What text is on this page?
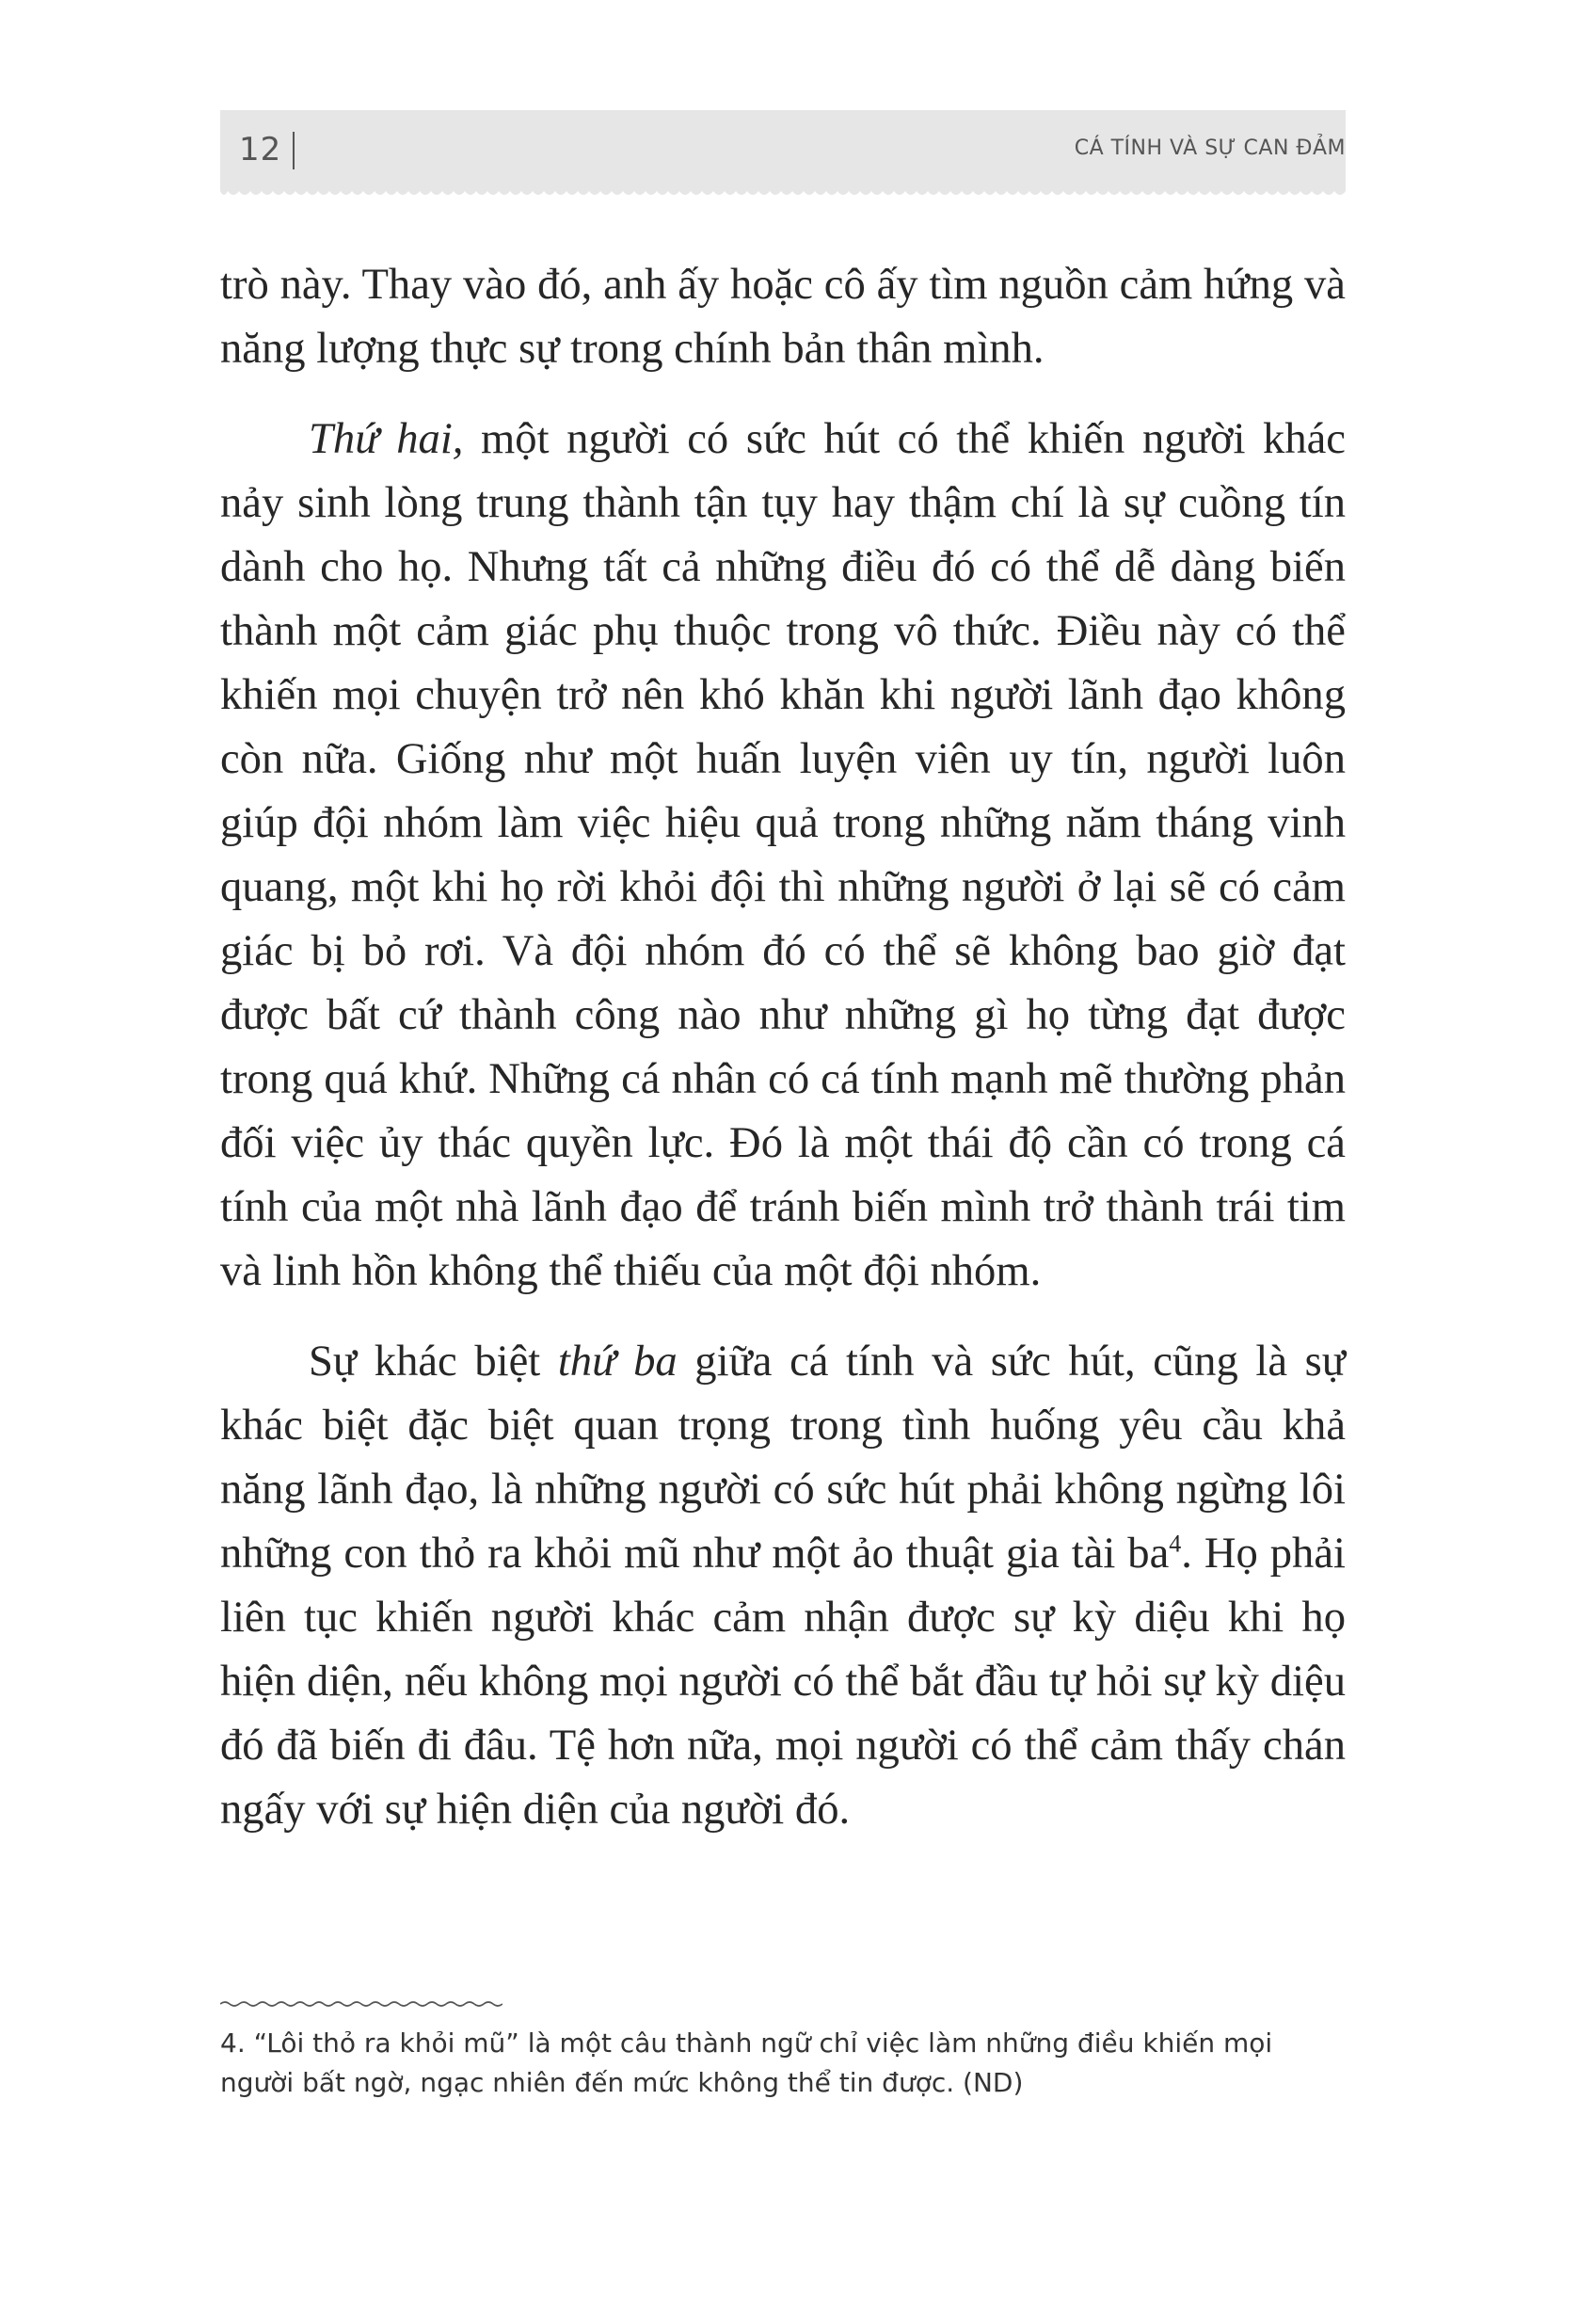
12	CÁ TÍNH VÀ SỰ CAN ĐẢM

trò này. Thay vào đó, anh ấy hoặc cô ấy tìm nguồn cảm hứng và năng lượng thực sự trong chính bản thân mình.

Thứ hai, một người có sức hút có thể khiến người khác nảy sinh lòng trung thành tận tụy hay thậm chí là sự cuồng tín dành cho họ. Nhưng tất cả những điều đó có thể dễ dàng biến thành một cảm giác phụ thuộc trong vô thức. Điều này có thể khiến mọi chuyện trở nên khó khăn khi người lãnh đạo không còn nữa. Giống như một huấn luyện viên uy tín, người luôn giúp đội nhóm làm việc hiệu quả trong những năm tháng vinh quang, một khi họ rời khỏi đội thì những người ở lại sẽ có cảm giác bị bỏ rơi. Và đội nhóm đó có thể sẽ không bao giờ đạt được bất cứ thành công nào như những gì họ từng đạt được trong quá khứ. Những cá nhân có cá tính mạnh mẽ thường phản đối việc ủy thác quyền lực. Đó là một thái độ cần có trong cá tính của một nhà lãnh đạo để tránh biến mình trở thành trái tim và linh hồn không thể thiếu của một đội nhóm.

Sự khác biệt thứ ba giữa cá tính và sức hút, cũng là sự khác biệt đặc biệt quan trọng trong tình huống yêu cầu khả năng lãnh đạo, là những người có sức hút phải không ngừng lôi những con thỏ ra khỏi mũ như một ảo thuật gia tài $ba^4$. Họ phải liên tục khiến người khác cảm nhận được sự kỳ diệu khi họ hiện diện, nếu không mọi người có thể bắt đầu tự hỏi sự kỳ diệu đó đã biến đi đâu. Tệ hơn nữa, mọi người có thể cảm thấy chán ngấy với sự hiện diện của người đó.

4. “Lôi thỏ ra khỏi mũ” là một câu thành ngữ chỉ việc làm những điều khiến mọi người bất ngờ, ngạc nhiên đến mức không thể tin được. (ND)
